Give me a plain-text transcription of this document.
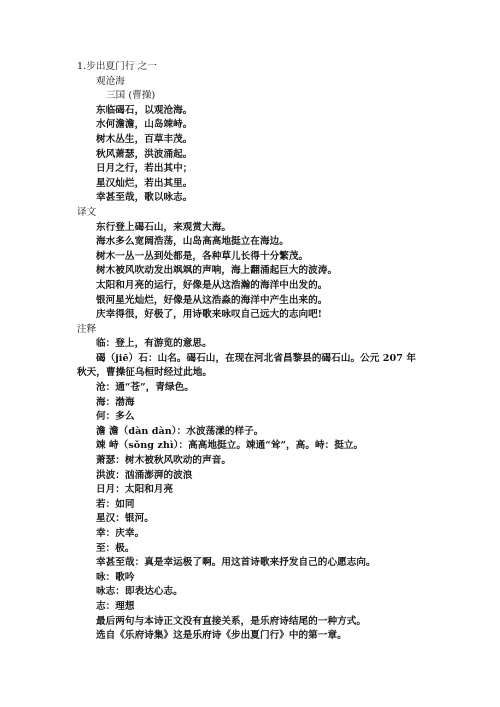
1.步出夏门行 之一
观沧海
三国 (曹操)
东临碣石，以观沧海。
水何澹澹，山岛竦峙。
树木丛生，百草丰茂。
秋风萧瑟，洪波涌起。
日月之行，若出其中；
星汉灿烂，若出其里。
幸甚至哉，歌以咏志。
译文
东行登上碣石山，来观赏大海。
海水多么宽阔浩荡，山岛高高地挺立在海边。
树木一丛一丛到处都是，各种草儿长得十分繁茂。
树木被风吹动发出飒飒的声响，海上翻涌起巨大的波涛。
太阳和月亮的运行，好像是从这浩瀚的海洋中出发的。
银河星光灿烂，好像是从这浩淼的海洋中产生出来的。
庆幸得很，好极了，用诗歌来咏叹自己远大的志向吧!
注释
临：登上，有游览的意思。
碣（jiē）石：山名。碣石山，在现在河北省昌黎县的碣石山。公元 207 年
秋天，曹操征乌桓时经过此地。
沧：通“苍”，青绿色。
海：渤海
何：多么
澹 澹（dàn dàn）：水波荡漾的样子。
竦 峙（sǒng zhì）：高高地挺立。竦通“耸”，高。峙：挺立。
萧瑟：树木被秋风吹动的声音。
洪波：汹涌澎湃的波浪
日月：太阳和月亮
若：如同
星汉：银河。
幸：庆幸。
至：极。
幸甚至哉：真是幸运极了啊。用这首诗歌来抒发自己的心愿志向。
咏：歌吟
咏志：即表达心志。
志：理想
最后两句与本诗正文没有直接关系，是乐府诗结尾的一种方式。
选自《乐府诗集》这是乐府诗《步出夏门行》中的第一章。
